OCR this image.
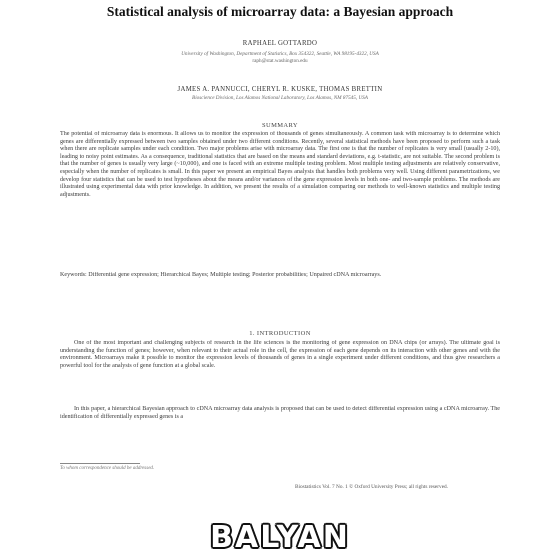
Statistical analysis of microarray data: a Bayesian approach
RAPHAEL GOTTARDO
University of Washington, Department of Statistics, Box 354322, Seattle, WA 98195-4322, USA
raph@stat.washington.edu
JAMES A. PANNUCCI, CHERYL R. KUSKE, THOMAS BRETTIN
Bioscience Division, Los Alamos National Laboratory, Los Alamos, NM 87545, USA
SUMMARY
The potential of microarray data is enormous. It allows us to monitor the expression of thousands of genes simultaneously. A common task with microarray is to determine which genes are differentially expressed between two samples obtained under two different conditions. Recently, several statistical methods have been proposed to perform such a task when there are replicate samples under each condition. Two major problems arise with microarray data. The first one is that the number of replicates is very small (usually 2-10), leading to noisy point estimates. As a consequence, traditional statistics that are based on the means and standard deviations, e.g. t-statistic, are not suitable. The second problem is that the number of genes is usually very large (~10,000), and one is faced with an extreme multiple testing problem. Most multiple testing adjustments are relatively conservative, especially when the number of replicates is small. In this paper we present an empirical Bayes analysis that handles both problems very well. Using different parametrizations, we develop four statistics that can be used to test hypotheses about the means and/or variances of the gene expression levels in both one- and two-sample problems. The methods are illustrated using experimental data with prior knowledge. In addition, we present the results of a simulation comparing our methods to well-known statistics and multiple testing adjustments.
Keywords: Differential gene expression; Hierarchical Bayes; Multiple testing; Posterior probabilities; Unpaired cDNA microarrays.
1. INTRODUCTION
One of the most important and challenging subjects of research in the life sciences is the monitoring of gene expression on DNA chips (or arrays). The ultimate goal is understanding the function of genes; however, when relevant to their actual role in the cell, the expression of each gene depends on its interaction with other genes and with the environment. Microarrays make it possible to monitor the expression levels of thousands of genes in a single experiment under different conditions, and thus give researchers a powerful tool for the analysis of gene function at a global scale.
In this paper, a hierarchical Bayesian approach to cDNA microarray data analysis is proposed that can be used to detect differential expression using a cDNA microarray. The identification of differentially expressed genes is a
To whom correspondence should be addressed.
Biostatistics Vol. 7 No. 1 © Oxford University Press; all rights reserved.
BALYAN
